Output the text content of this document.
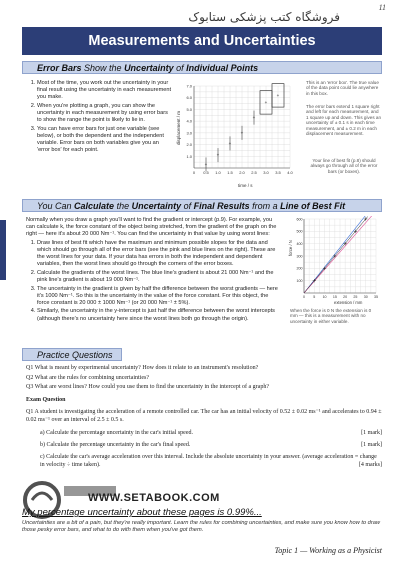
11
فروشگاه کتب پزشکی ستابوک
Measurements and Uncertainties
Error Bars Show the Uncertainty of Individual Points
1. Most of the time, you work out the uncertainty in your final result using the uncertainty in each measurement you make.
2. When you're plotting a graph, you can show the uncertainty in each measurement by using error bars to show the range the point is likely to lie in.
3. You can have error bars for just one variable (see below), or both the dependent and the independent variable. Error bars on both variables give you an 'error box' for each point.
1.0
2.0
3.0
4.0
5.0
6.0
7.0
0 0.5 1.0 1.5 2.0 2.5 3.0 3.5 4.0
+
+
+
+
+
+
+
displacement / m
time / s
This is an 'error box'. The true value of the data point could lie anywhere in this box.
The error bars extend 1 square right and left for each measurement, and 1 square up and down. This gives an uncertainty of ± 0.1 s in each time measurement, and ± 0.2 m in each displacement measurement.
Your line of best fit (p.8) should always go through all of the error bars (or boxes).
You Can Calculate the Uncertainty of Final Results from a Line of Best Fit

Normally when you draw a graph you'll want to find the gradient or intercept (p.9). For example, you can calculate k, the force constant of the object being stretched, from the gradient of the graph on the right — here it's about 20 000 Nm⁻¹. You can find the uncertainty in that value by using worst lines:

1. Draw lines of best fit which have the maximum and minimum possible slopes for the data and which should go through all of the error bars (see the pink and blue lines on the right). These are the worst lines for your data. If your data has errors in both the independent and dependent variables, then the worst lines should go through the corners of the error boxes.
2. Calculate the gradients of the worst lines. The blue line's gradient is about 21 000 Nm⁻¹ and the pink line's gradient is about 19 000 Nm⁻¹.
3. The uncertainty in the gradient is given by half the difference between the worst gradients — here it's 1000 Nm⁻¹. So this is the uncertainty in the value of the force constant. For this object, the force constant is 20 000 ± 1000 Nm⁻¹ (or 20 000 Nm⁻¹ ± 5%).
4. Similarly, the uncertainty in the y-intercept is just half the difference between the worst intercepts (although there's no uncertainty here since the worst lines both go through the origin).
100
200
300
400
500
600
0 5 10 15 20 25 30 35
force / N
extension / mm
When the force is 0 N the extension is 0 mm — this is a measurement with no uncertainty in either variable.
Practice Questions

Q1 What is meant by experimental uncertainty? How does it relate to an instrument's resolution?

Q2 What are the rules for combining uncertainties?

Q3 What are worst lines? How could you use them to find the uncertainty in the intercept of a graph?

Exam Question

Q1 A student is investigating the acceleration of a remote controlled car. The car has an initial velocity of 0.52 ± 0.02 ms⁻¹ and accelerates to 0.94 ± 0.02 ms⁻¹ over an interval of 2.5 ± 0.5 s.

a) Calculate the percentage uncertainty in the car's initial speed.	[1 mark]

b) Calculate the percentage uncertainty in the car's final speed.	[1 mark]

c) Calculate the car's average acceleration over this interval. Include the absolute uncertainty in your answer. (average acceleration = change in velocity ÷ time taken).	[4 marks]

WWW.SETABOOK.COM
My percentage uncertainty about these pages is 0.99%...
Uncertainties are a bit of a pain, but they're really important. Learn the rules for combining uncertainties, and make sure you know how to draw those pesky error bars, and what to do with them when you've got them.
Topic 1 — Working as a Physicist
